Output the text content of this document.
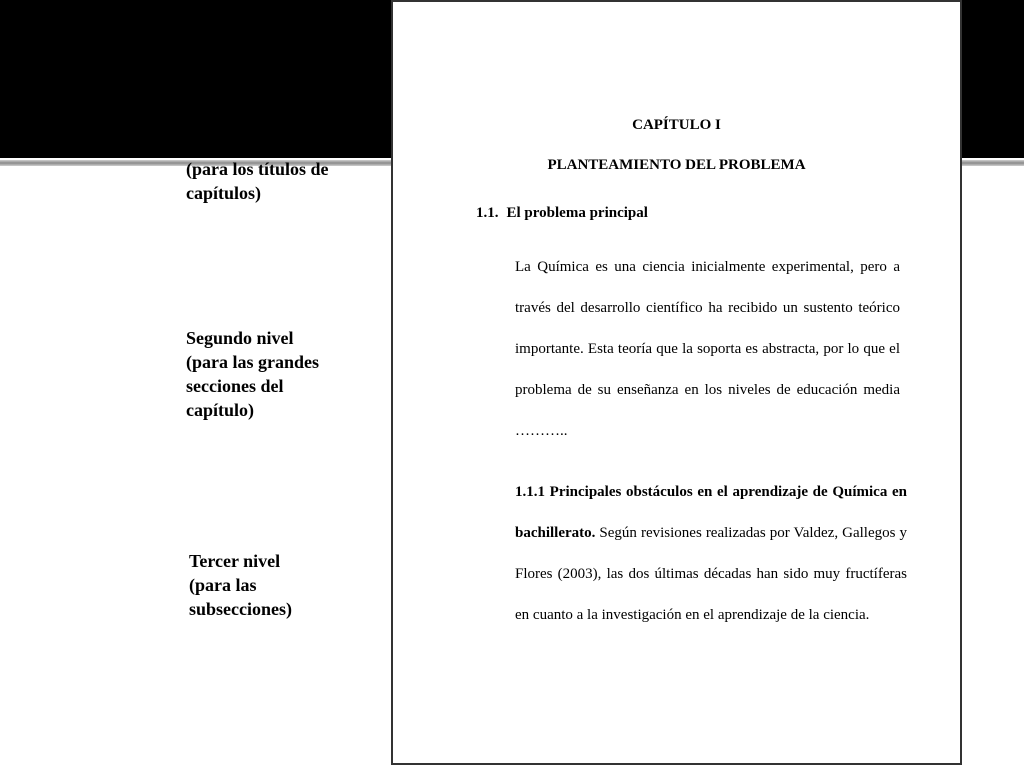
(para los títulos de
capítulos)
Segundo nivel
(para las grandes
secciones del
capítulo)
Tercer nivel
(para las
subsecciones)
CAPÍTULO I
PLANTEAMIENTO DEL PROBLEMA
1.1. El problema principal
La Química es una ciencia inicialmente experimental, pero a través del desarrollo científico ha recibido un sustento teórico importante. Esta teoría que la soporta es abstracta, por lo que el problema de su enseñanza en los niveles de educación media ………..
1.1.1 Principales obstáculos en el aprendizaje de Química en bachillerato. Según revisiones realizadas por Valdez, Gallegos y Flores (2003), las dos últimas décadas han sido muy fructíferas en cuanto a la investigación en el aprendizaje de la ciencia.
